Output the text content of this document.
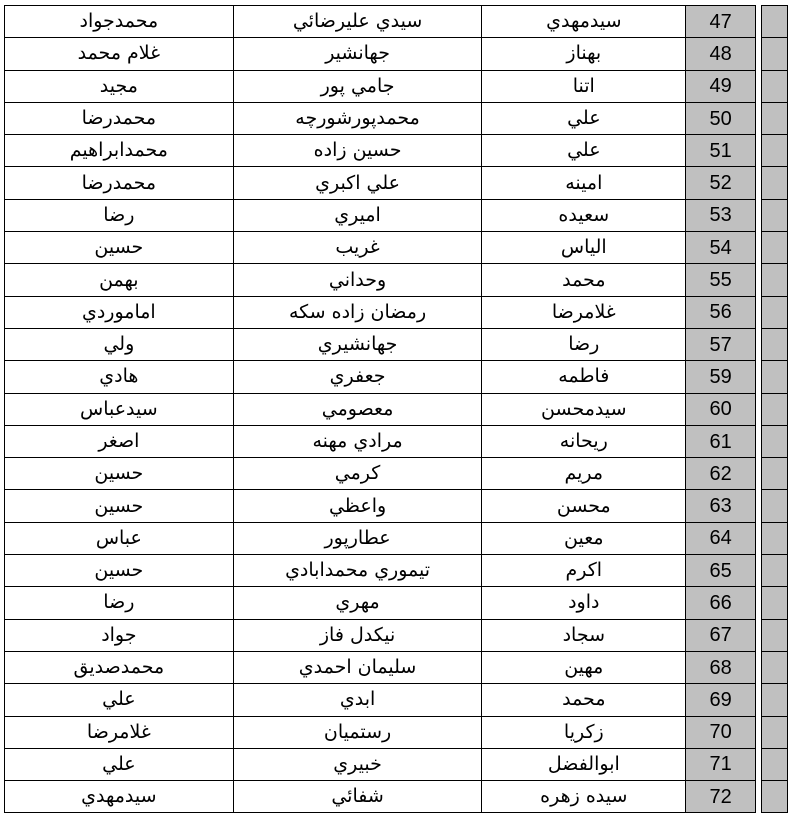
محمدجواد	سيدي عليرضائي	سيدمهدي	47		
غلام محمد	جهانشير	بهناز	48		
مجيد	جامي پور	اتنا	49		
محمدرضا	محمدپورشورچه	علي	50		
محمدابراهيم	حسين زاده	علي	51		
محمدرضا	علي اكبري	امينه	52		
رضا	اميري	سعيده	53		
حسين	غريب	الياس	54		
بهمن	وحداني	محمد	55		
اماموردي	رمضان زاده سكه	غلامرضا	56		
ولي	جهانشيري	رضا	57		
هادي	جعفري	فاطمه	59		
سيدعباس	معصومي	سيدمحسن	60		
اصغر	مرادي مهنه	ريحانه	61		
حسين	كرمي	مريم	62		
حسين	واعظي	محسن	63		
عباس	عطارپور	معين	64		
حسين	تيموري محمدابادي	اكرم	65		
رضا	مهري	داود	66		
جواد	نيكدل فاز	سجاد	67		
محمدصديق	سليمان احمدي	مهين	68		
علي	ابدي	محمد	69		
غلامرضا	رستميان	زكريا	70		
علي	خبيري	ابوالفضل	71		
سيدمهدي	شفائي	سيده زهره	72		
